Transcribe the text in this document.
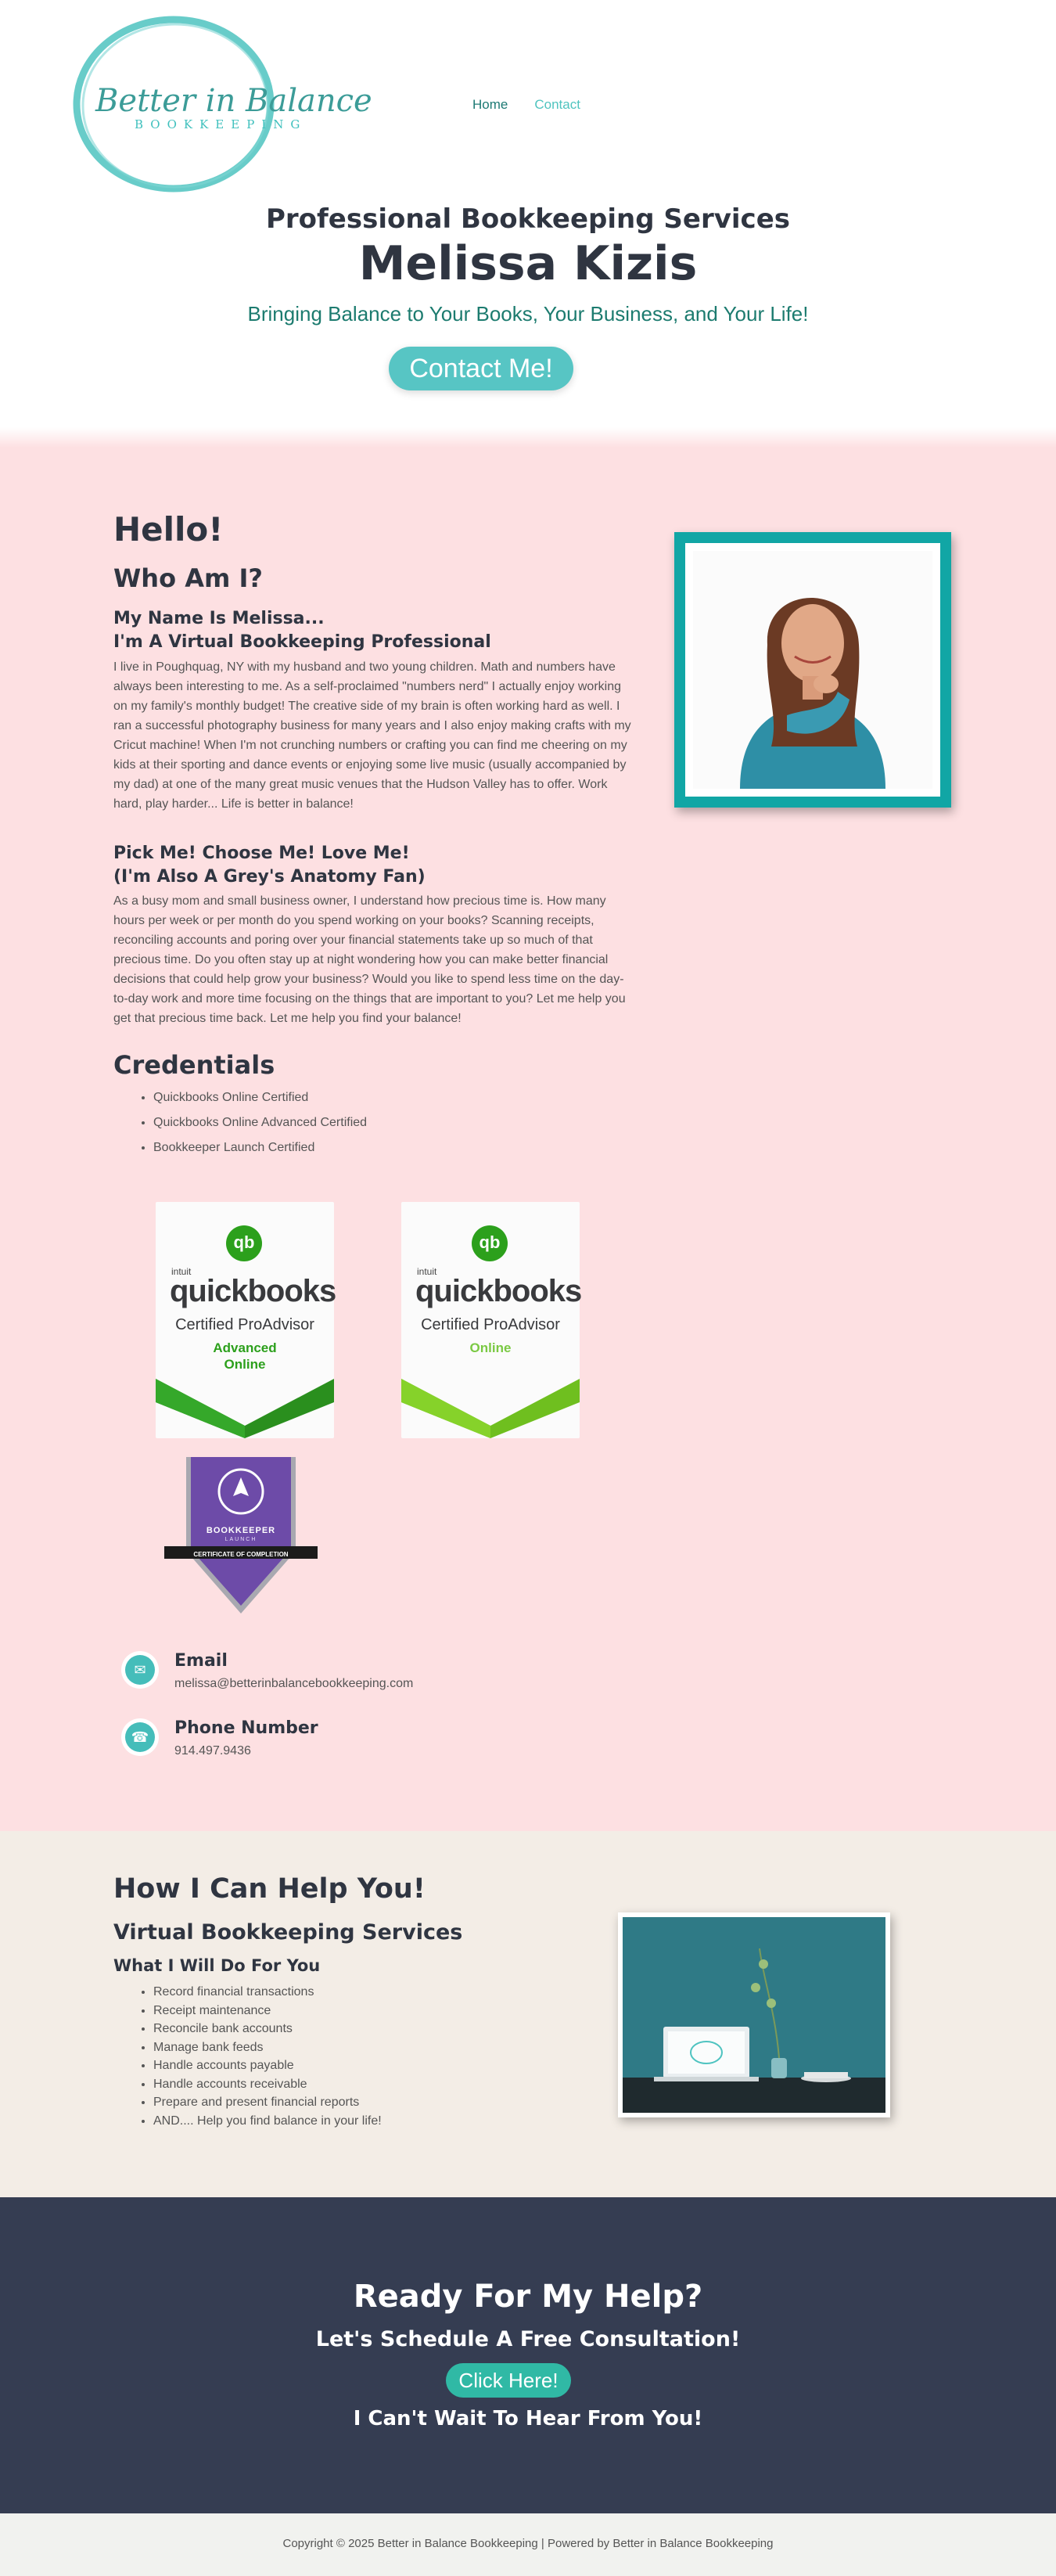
Better in Balance
BOOKKEEPING
Home Contact
Professional Bookkeeping Services
Melissa Kizis

Bringing Balance to Your Books, Your Business, and Your Life!

Contact Me!
Hello!
Who Am I?
My Name Is Melissa...
I'm A Virtual Bookkeeping Professional

I live in Poughquag, NY with my husband and two young children. Math and numbers have always been interesting to me. As a self-proclaimed "numbers nerd" I actually enjoy working on my family's monthly budget! The creative side of my brain is often working hard as well. I ran a successful photography business for many years and I also enjoy making crafts with my Cricut machine! When I'm not crunching numbers or crafting you can find me cheering on my kids at their sporting and dance events or enjoying some live music (usually accompanied by my dad) at one of the many great music venues that the Hudson Valley has to offer. Work hard, play harder... Life is better in balance!

Pick Me! Choose Me! Love Me!
(I'm Also A Grey's Anatomy Fan)

As a busy mom and small business owner, I understand how precious time is. How many hours per week or per month do you spend working on your books? Scanning receipts, reconciling accounts and poring over your financial statements take up so much of that precious time. Do you often stay up at night wondering how you can make better financial decisions that could help grow your business? Would you like to spend less time on the day-to-day work and more time focusing on the things that are important to you? Let me help you get that precious time back. Let me help you find your balance!

Credentials
• Quickbooks Online Certified
• Quickbooks Online Advanced Certified
• Bookkeeper Launch Certified
qb
intuit
quickbooks
Certified ProAdvisor
Advanced
Online
qb
intuit
quickbooks
Certified ProAdvisor
Online
BOOKKEEPER
LAUNCH
CERTIFICATE OF COMPLETION
✉	Email
melissa@betterinbalancebookkeeping.com
☎	Phone Number
914.497.9436
How I Can Help You!
Virtual Bookkeeping Services
What I Will Do For You
• Record financial transactions
• Receipt maintenance
• Reconcile bank accounts
• Manage bank feeds
• Handle accounts payable
• Handle accounts receivable
• Prepare and present financial reports
• AND.... Help you find balance in your life!
Ready For My Help?
Let's Schedule A Free Consultation!
Click Here!
I Can't Wait To Hear From You!

Copyright © 2025 Better in Balance Bookkeeping | Powered by Better in Balance Bookkeeping
